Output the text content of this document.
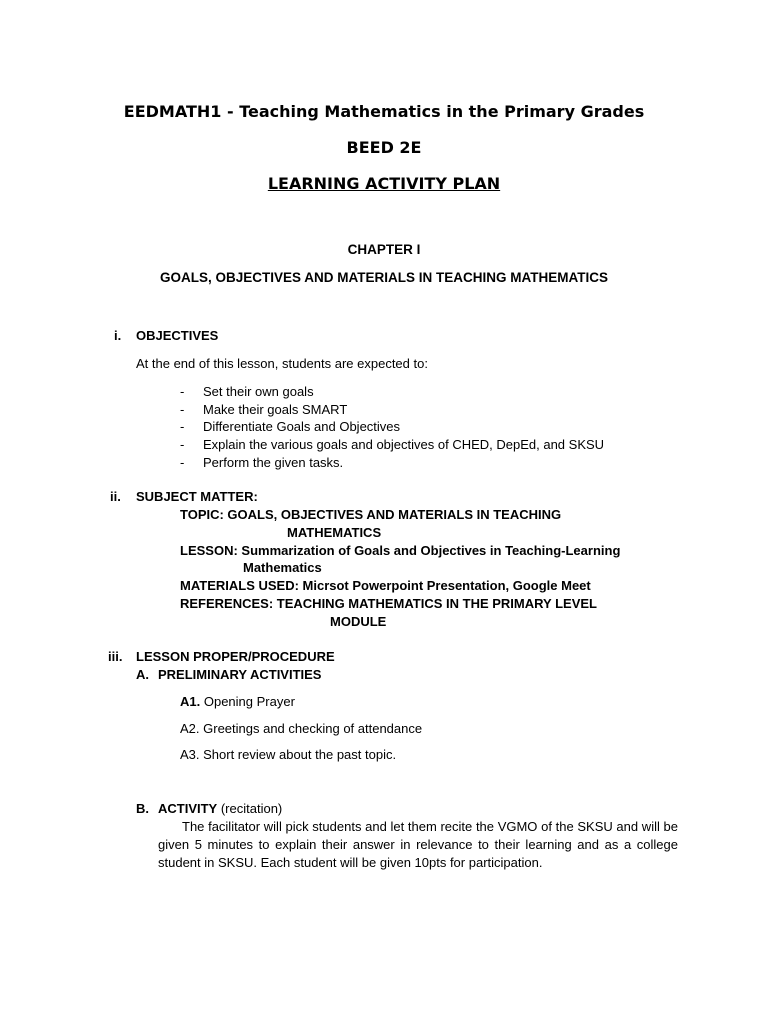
EEDMATH1 - Teaching Mathematics in the Primary Grades
BEED 2E
LEARNING ACTIVITY PLAN
CHAPTER I
GOALS, OBJECTIVES AND MATERIALS IN TEACHING MATHEMATICS
i. OBJECTIVES
At the end of this lesson, students are expected to:
- Set their own goals
- Make their goals SMART
- Differentiate Goals and Objectives
- Explain the various goals and objectives of CHED, DepEd, and SKSU
- Perform the given tasks.
ii. SUBJECT MATTER:
TOPIC: GOALS, OBJECTIVES AND MATERIALS IN TEACHING
MATHEMATICS
LESSON: Summarization of Goals and Objectives in Teaching-Learning
Mathematics
MATERIALS USED: Micrsot Powerpoint Presentation, Google Meet
REFERENCES: TEACHING MATHEMATICS IN THE PRIMARY LEVEL
MODULE
iii. LESSON PROPER/PROCEDURE
A. PRELIMINARY ACTIVITIES
A1. Opening Prayer
A2. Greetings and checking of attendance
A3. Short review about the past topic.
B. ACTIVITY (recitation)
The facilitator will pick students and let them recite the VGMO of the SKSU and will be given 5 minutes to explain their answer in relevance to their learning and as a college student in SKSU. Each student will be given 10pts for participation.
